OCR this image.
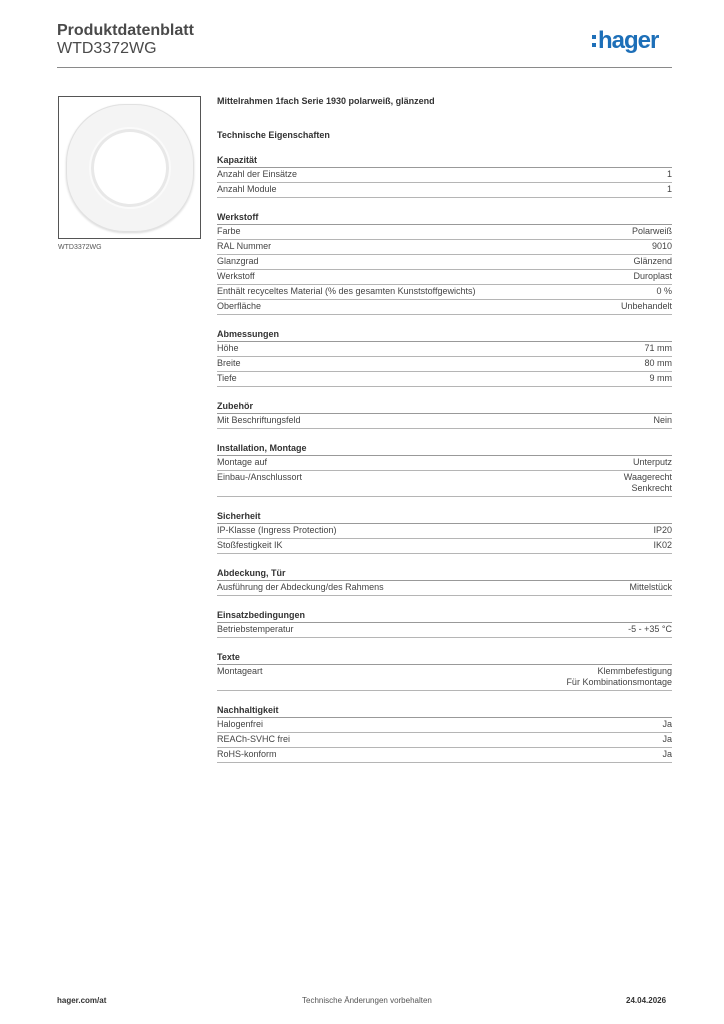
Produktdatenblatt
WTD3372WG	hager
WTD3372WG
Mittelrahmen 1fach Serie 1930 polarweiß, glänzend
Technische Eigenschaften
Kapazität
Anzahl der Einsätze	1
Anzahl Module	1
Werkstoff
Farbe	Polarweiß
RAL Nummer	9010
Glanzgrad	Glänzend
Werkstoff	Duroplast
Enthält recyceltes Material (% des gesamten Kunststoffgewichts)	0 %
Oberfläche	Unbehandelt
Abmessungen
Höhe	71 mm
Breite	80 mm
Tiefe	9 mm
Zubehör
Mit Beschriftungsfeld	Nein
Installation, Montage
Montage auf	Unterputz
Einbau-/Anschlussort	Waagerecht
Senkrecht
Sicherheit
IP-Klasse (Ingress Protection)	IP20
Stoßfestigkeit IK	IK02
Abdeckung, Tür
Ausführung der Abdeckung/des Rahmens	Mittelstück
Einsatzbedingungen
Betriebstemperatur	-5 - +35 °C
Texte
Montageart	Klemmbefestigung
Für Kombinationsmontage
Nachhaltigkeit
Halogenfrei	Ja
REACh-SVHC frei	Ja
RoHS-konform	Ja
hager.com/at	Technische Änderungen vorbehalten	24.04.2026
